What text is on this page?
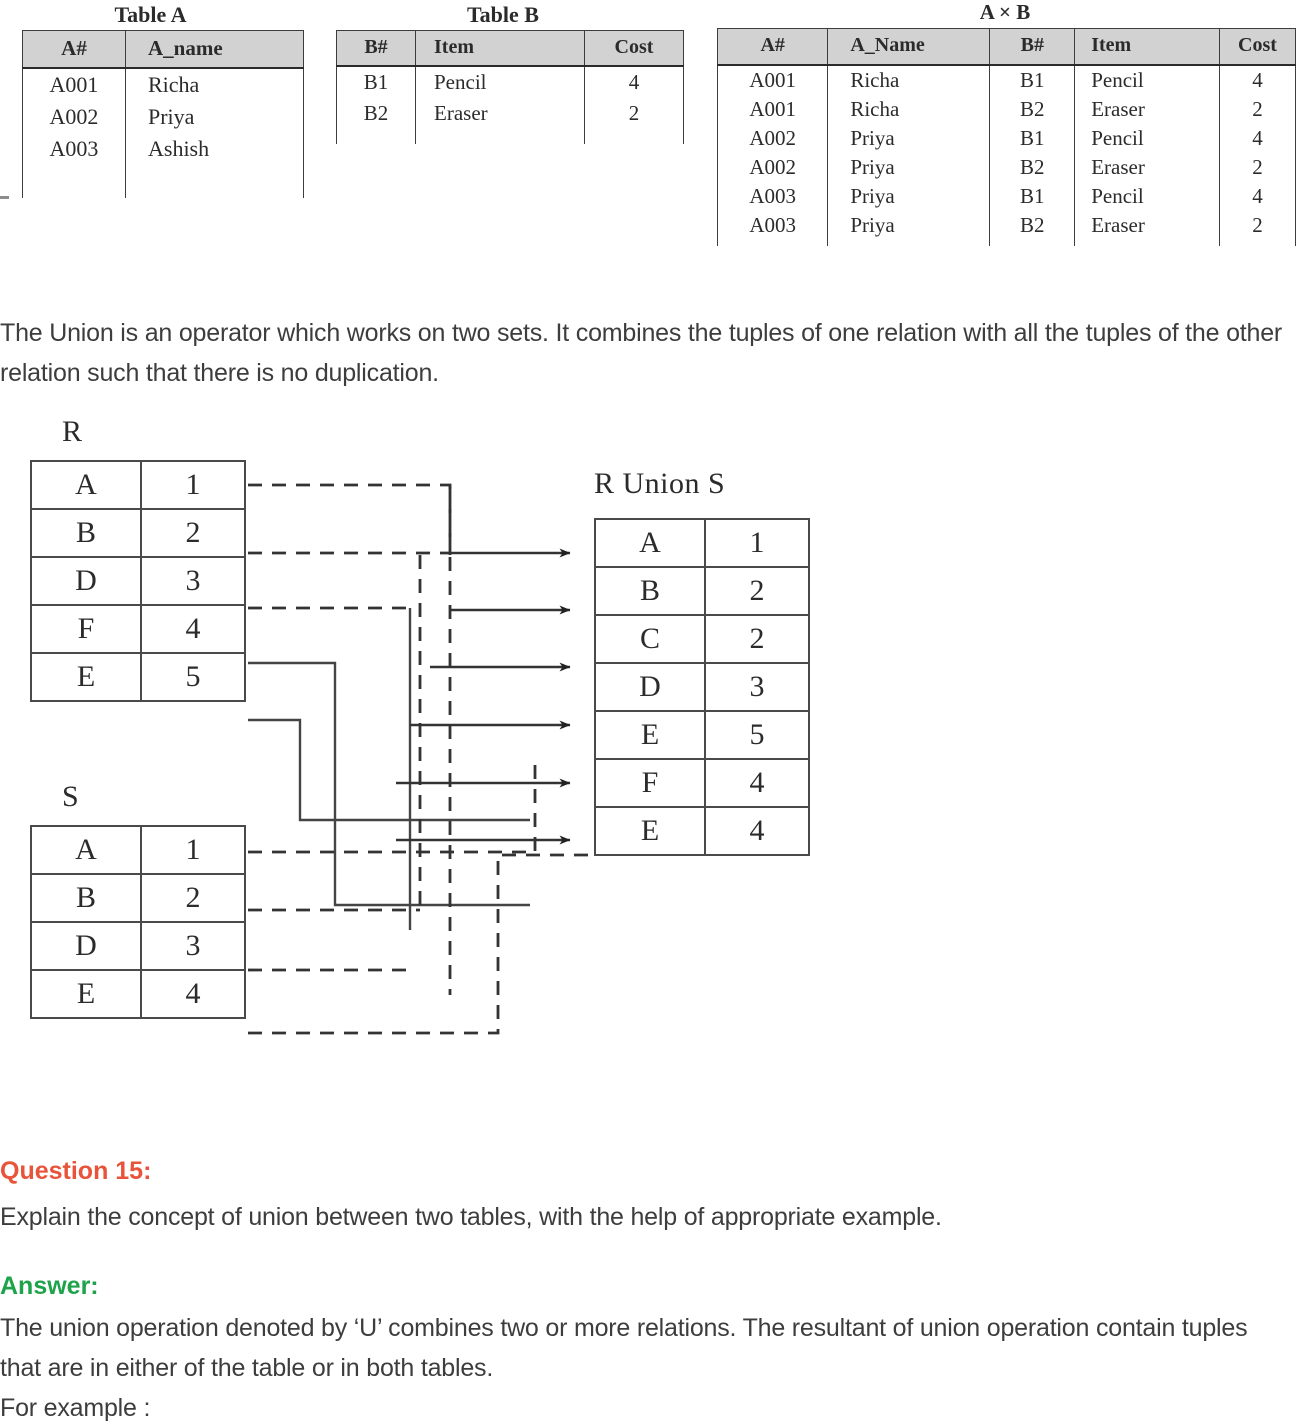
Table A
A#	A_name
A001	Richa
A002	Priya
A003	Ashish
Table B
B#	Item	Cost
B1	Pencil	4
B2	Eraser	2
A × B
A#	A_Name	B#	Item	Cost
A001	Richa	B1	Pencil	4
A001	Richa	B2	Eraser	2
A002	Priya	B1	Pencil	4
A002	Priya	B2	Eraser	2
A003	Priya	B1	Pencil	4
A003	Priya	B2	Eraser	2
The Union is an operator which works on two sets. It combines the tuples of one relation with all the tuples of the other relation such that there is no duplication.
R
A	1
B	2
D	3
F	4
E	5
S
A	1
B	2
D	3
E	4
R Union S
A	1
B	2
C	2
D	3
E	5
F	4
E	4
Question 15:
Explain the concept of union between two tables, with the help of appropriate example.
Answer:
The union operation denoted by ‘U’ combines two or more relations. The resultant of union operation contain tuples that are in either of the table or in both tables.
For example :
